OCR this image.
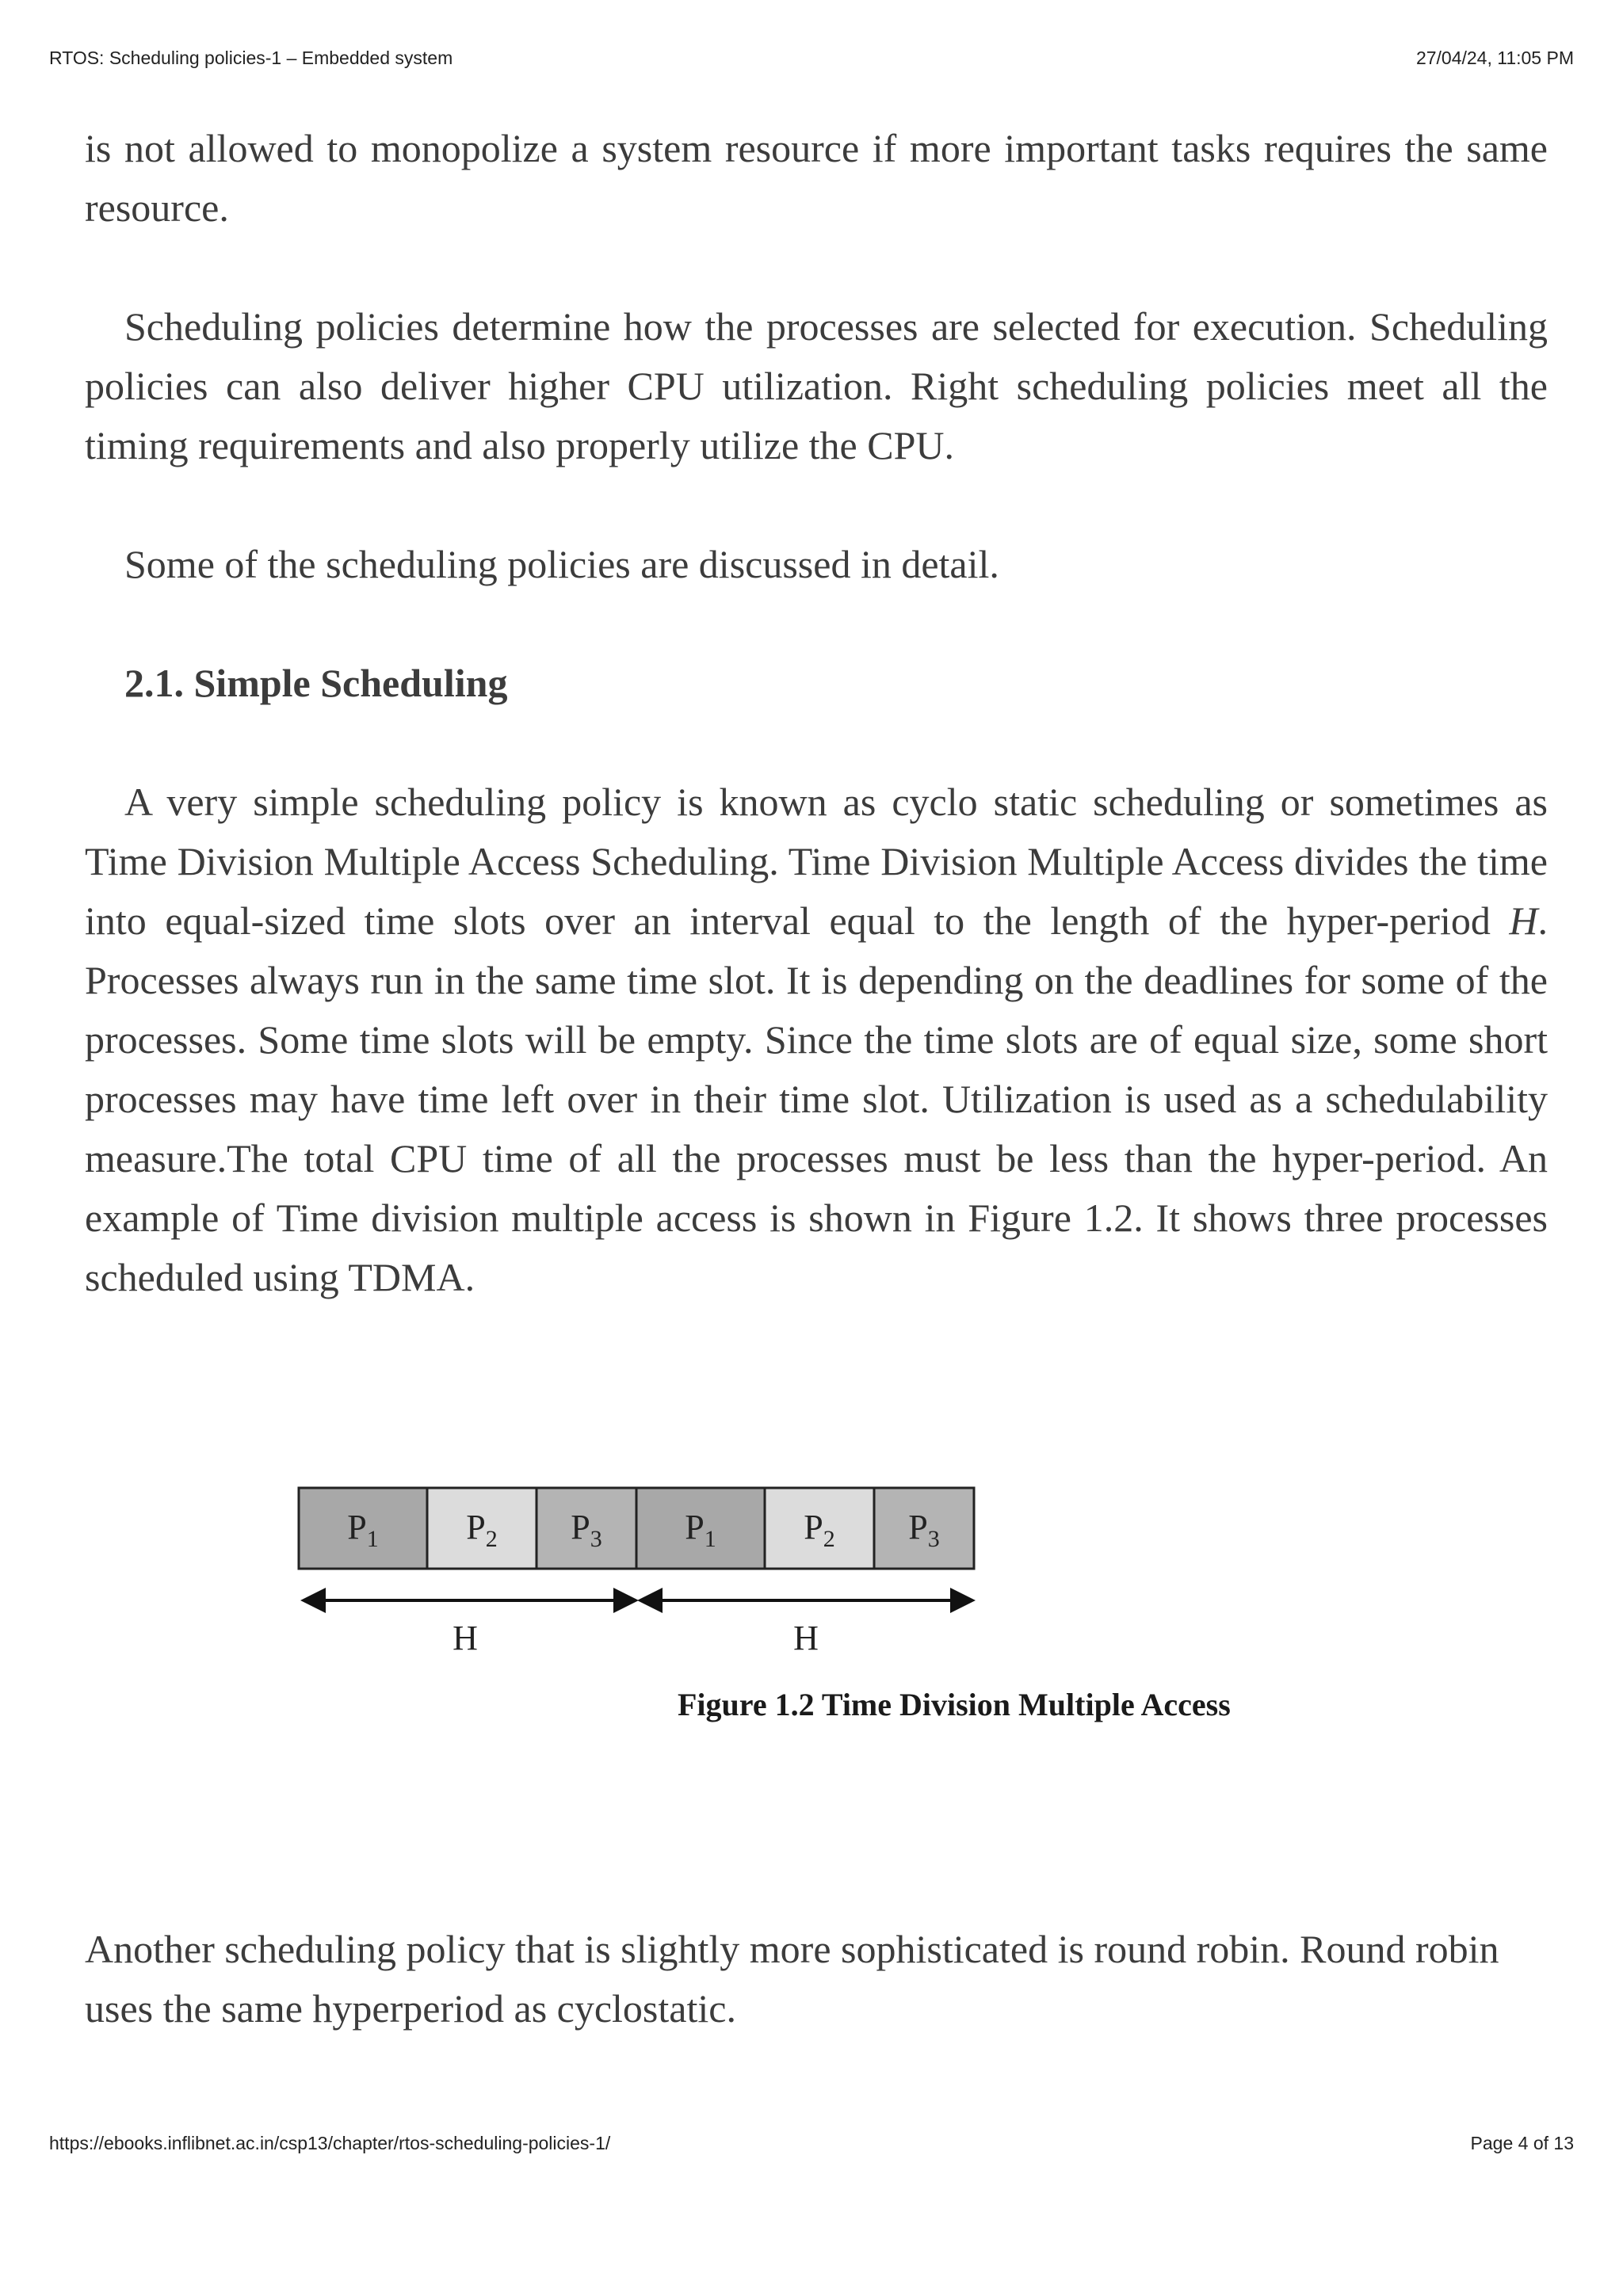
RTOS: Scheduling policies-1 – Embedded system	27/04/24, 11:05 PM

is not allowed to monopolize a system resource if more important tasks requires the same resource.

Scheduling policies determine how the processes are selected for execution. Scheduling policies can also deliver higher CPU utilization. Right scheduling policies meet all the timing requirements and also properly utilize the CPU.

Some of the scheduling policies are discussed in detail.

2.1. Simple Scheduling

A very simple scheduling policy is known as cyclo static scheduling or sometimes as Time Division Multiple Access Scheduling. Time Division Multiple Access divides the time into equal-sized time slots over an interval equal to the length of the hyper-period H. Processes always run in the same time slot. It is depending on the deadlines for some of the processes. Some time slots will be empty. Since the time slots are of equal size, some short processes may have time left over in their time slot. Utilization is used as a schedulability measure.The total CPU time of all the processes must be less than the hyper-period. An example of Time division multiple access is shown in Figure 1.2. It shows three processes scheduled using TDMA.

$P_1$	$P_2$ $P_3$ $P_1$	$P_2$ $P_3$
H	H
Figure 1.2 Time Division Multiple Access

Another scheduling policy that is slightly more sophisticated is round robin. Round robin uses the same hyperperiod as cyclostatic.

https://ebooks.inflibnet.ac.in/csp13/chapter/rtos-scheduling-policies-1/	Page 4 of 13
